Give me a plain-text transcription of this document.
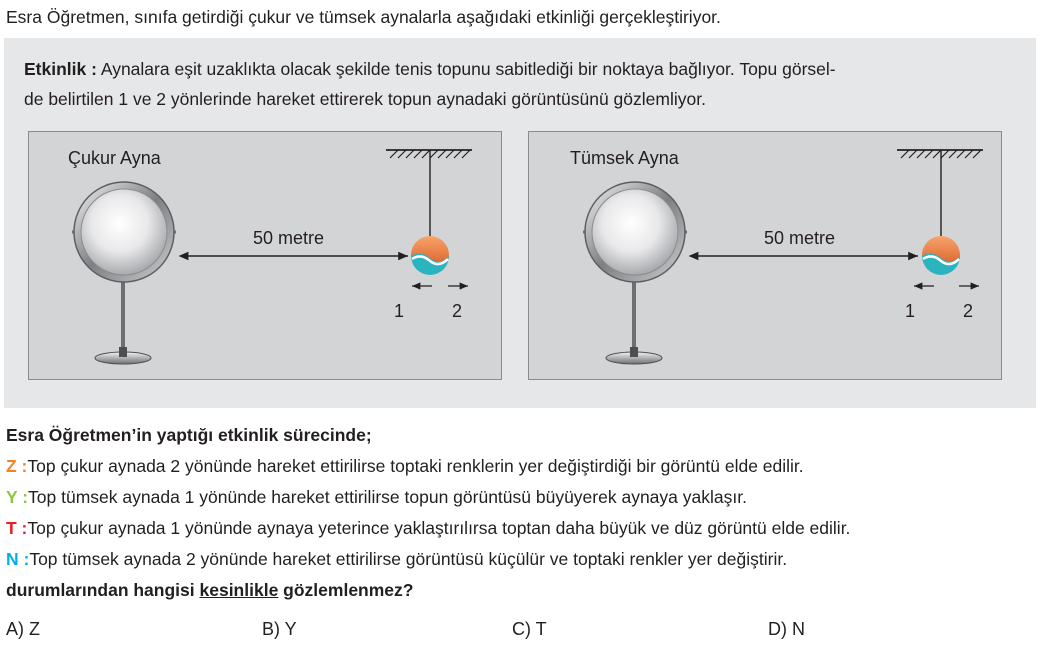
Esra Öğretmen, sınıfa getirdiği çukur ve tümsek aynalarla aşağıdaki etkinliği gerçekleştiriyor.
Etkinlik : Aynalara eşit uzaklıkta olacak şekilde tenis topunu sabitlediği bir noktaya bağlıyor. Topu görsel-
de belirtilen 1 ve 2 yönlerinde hareket ettirerek topun aynadaki görüntüsünü gözlemliyor.
Çukur Ayna
50 metre
1	2
Tümsek Ayna
50 metre
1	2
Esra Öğretmen’in yaptığı etkinlik sürecinde;
Z :Top çukur aynada 2 yönünde hareket ettirilirse toptaki renklerin yer değiştirdiği bir görüntü elde edilir.
Y :Top tümsek aynada 1 yönünde hareket ettirilirse topun görüntüsü büyüyerek aynaya yaklaşır.
T :Top çukur aynada 1 yönünde aynaya yeterince yaklaştırılırsa toptan daha büyük ve düz görüntü elde edilir.
N :Top tümsek aynada 2 yönünde hareket ettirilirse görüntüsü küçülür ve toptaki renkler yer değiştirir.
durumlarından hangisi kesinlikle gözlemlenmez?
A) Z	B) Y	C) T	D) N
